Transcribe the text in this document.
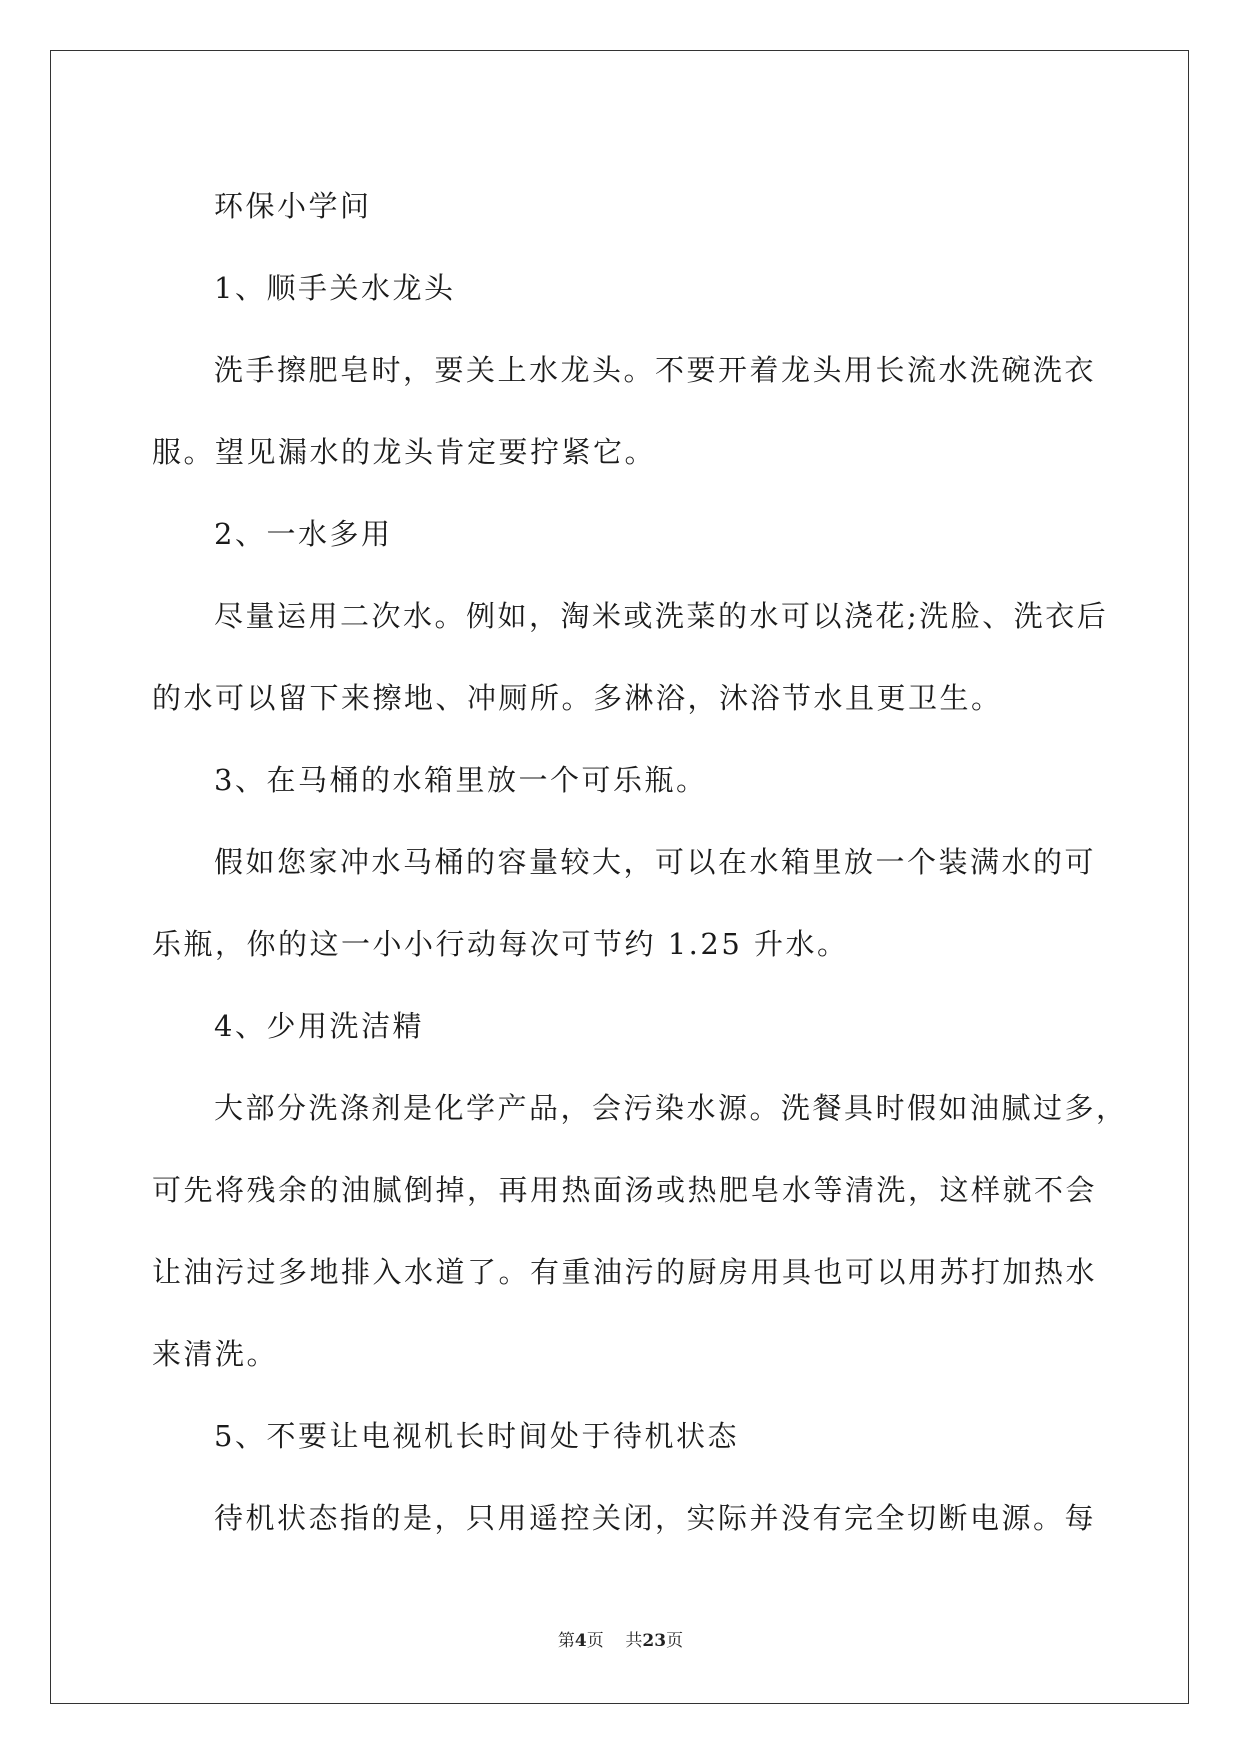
环保小学问

1、顺手关水龙头

洗手擦肥皂时，要关上水龙头。不要开着龙头用长流水洗碗洗衣
服。望见漏水的龙头肯定要拧紧它。

2、一水多用

尽量运用二次水。例如，淘米或洗菜的水可以浇花;洗脸、洗衣后
的水可以留下来擦地、冲厕所。多淋浴，沐浴节水且更卫生。

3、在马桶的水箱里放一个可乐瓶。

假如您家冲水马桶的容量较大，可以在水箱里放一个装满水的可
乐瓶，你的这一小小行动每次可节约 1.25 升水。

4、少用洗洁精

大部分洗涤剂是化学产品，会污染水源。洗餐具时假如油腻过多，
可先将残余的油腻倒掉，再用热面汤或热肥皂水等清洗，这样就不会
让油污过多地排入水道了。有重油污的厨房用具也可以用苏打加热水
来清洗。

5、不要让电视机长时间处于待机状态

待机状态指的是，只用遥控关闭，实际并没有完全切断电源。每

第4页 共23页
